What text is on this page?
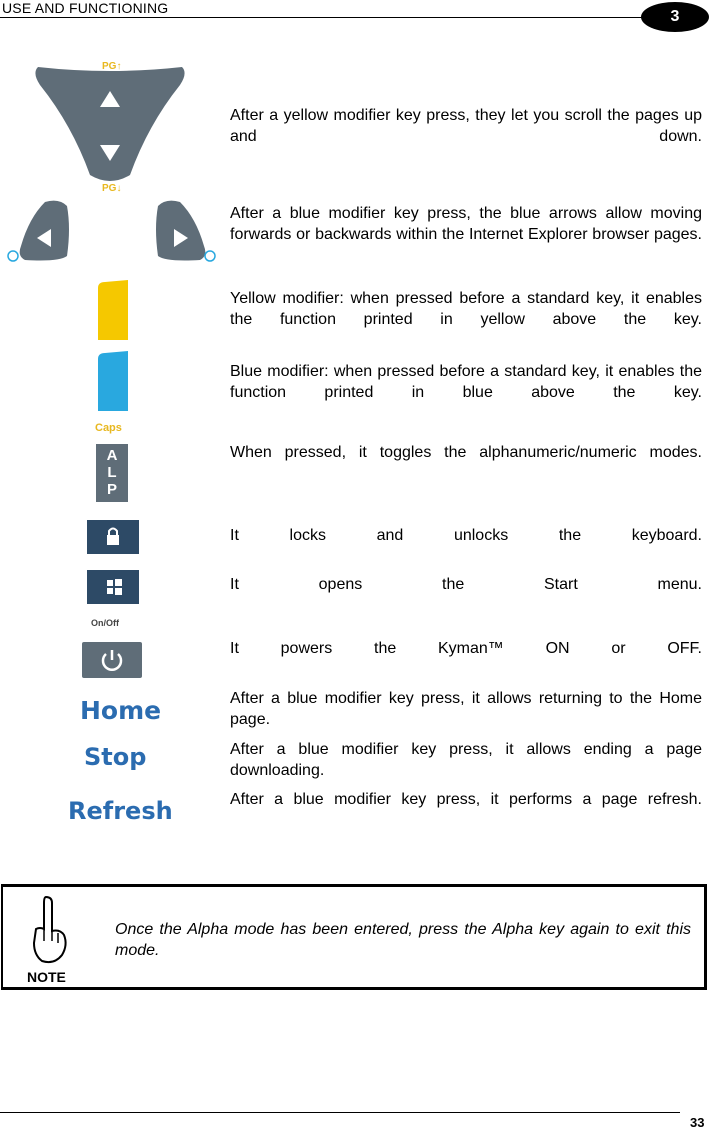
USE AND FUNCTIONING	3
PG↑
PG↓
After a yellow modifier key press, they let you scroll the pages up and down.
After a blue modifier key press, the blue arrows allow moving forwards or backwards within the Internet Explorer browser pages.
Yellow modifier: when pressed before a standard key, it enables the function printed in yellow above the key.
Blue modifier: when pressed before a standard key, it enables the function printed in blue above the key.
Caps
A
L
P
When pressed, it toggles the alphanumeric/numeric modes.
It locks and unlocks the keyboard.
It opens the Start menu.
On/Off
It powers the Kyman™ ON or OFF.
Home	After a blue modifier key press, it allows returning to the Home page.
Stop	After a blue modifier key press, it allows ending a page downloading.
Refresh	After a blue modifier key press, it performs a page refresh.
NOTE
Once the Alpha mode has been entered, press the Alpha key again to exit this mode.
33
